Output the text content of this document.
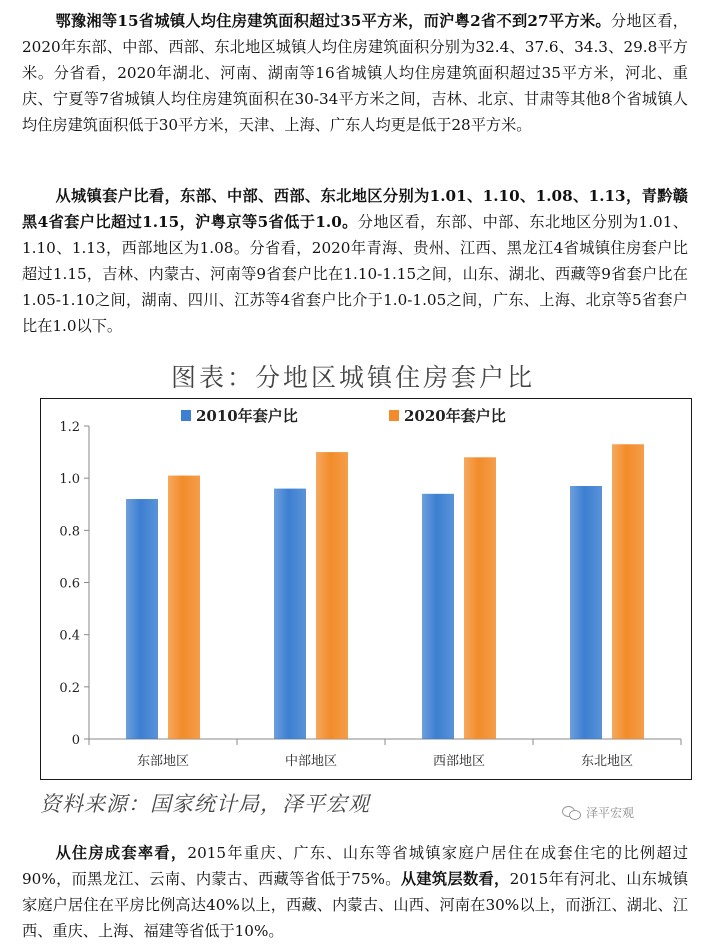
鄂豫湘等15省城镇人均住房建筑面积超过35平方米，而沪粤2省不到27平方米。分地区看，2020年东部、中部、西部、东北地区城镇人均住房建筑面积分别为32.4、37.6、34.3、29.8平方米。分省看，2020年湖北、河南、湖南等16省城镇人均住房建筑面积超过35平方米，河北、重庆、宁夏等7省城镇人均住房建筑面积在30-34平方米之间，吉林、北京、甘肃等其他8个省城镇人均住房建筑面积低于30平方米，天津、上海、广东人均更是低于28平方米。

从城镇套户比看，东部、中部、西部、东北地区分别为1.01、1.10、1.08、1.13，青黔赣黑4省套户比超过1.15，沪粤京等5省低于1.0。分地区看，东部、中部、东北地区分别为1.01、1.10、1.13，西部地区为1.08。分省看，2020年青海、贵州、江西、黑龙江4省城镇住房套户比超过1.15，吉林、内蒙古、河南等9省套户比在1.10-1.15之间，山东、湖北、西藏等9省套户比在1.05-1.10之间，湖南、四川、江苏等4省套户比介于1.0-1.05之间，广东、上海、北京等5省套户比在1.0以下。

图表：分地区城镇住房套户比
0
0.2
0.4
0.6
0.8
1.0
1.2
东部地区	中部地区	西部地区	东北地区
2010年套户比	2020年套户比
资料来源：国家统计局，泽平宏观	泽平宏观

从住房成套率看，2015年重庆、广东、山东等省城镇家庭户居住在成套住宅的比例超过90%，而黑龙江、云南、内蒙古、西藏等省低于75%。从建筑层数看，2015年有河北、山东城镇家庭户居住在平房比例高达40%以上，西藏、内蒙古、山西、河南在30%以上，而浙江、湖北、江西、重庆、上海、福建等省低于10%。
